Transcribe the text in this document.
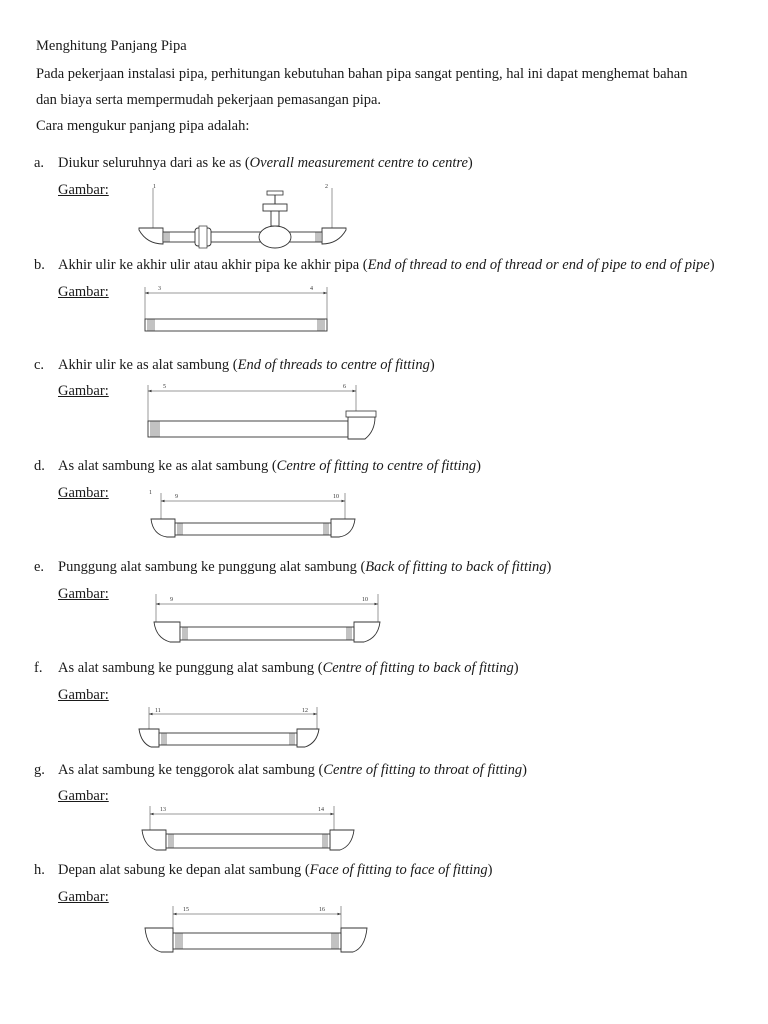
Menghitung Panjang Pipa
Pada pekerjaan instalasi pipa, perhitungan kebutuhan bahan pipa sangat penting, hal ini dapat menghemat bahan
dan biaya serta mempermudah pekerjaan pemasangan pipa.
Cara mengukur panjang pipa adalah:
a. Diukur seluruhnya dari as ke as (Overall measurement centre to centre)
Gambar:	1	2
b. Akhir ulir ke akhir ulir atau akhir pipa ke akhir pipa (End of thread to end of thread or end of pipe to end of pipe)
Gambar:	3	4
c. Akhir ulir ke as alat sambung (End of threads to centre of fitting)
Gambar:	5	6
d. As alat sambung ke as alat sambung (Centre of fitting to centre of fitting)
Gambar:	1
9	10
e. Punggung alat sambung ke punggung alat sambung (Back of fitting to back of fitting)
Gambar:	9	10
f. As alat sambung ke punggung alat sambung (Centre of fitting to back of fitting)
Gambar:
11	12
g. As alat sambung ke tenggorok alat sambung (Centre of fitting to throat of fitting)
Gambar:
13	14
h. Depan alat sabung ke depan alat sambung (Face of fitting to face of fitting)
Gambar:
15	16
